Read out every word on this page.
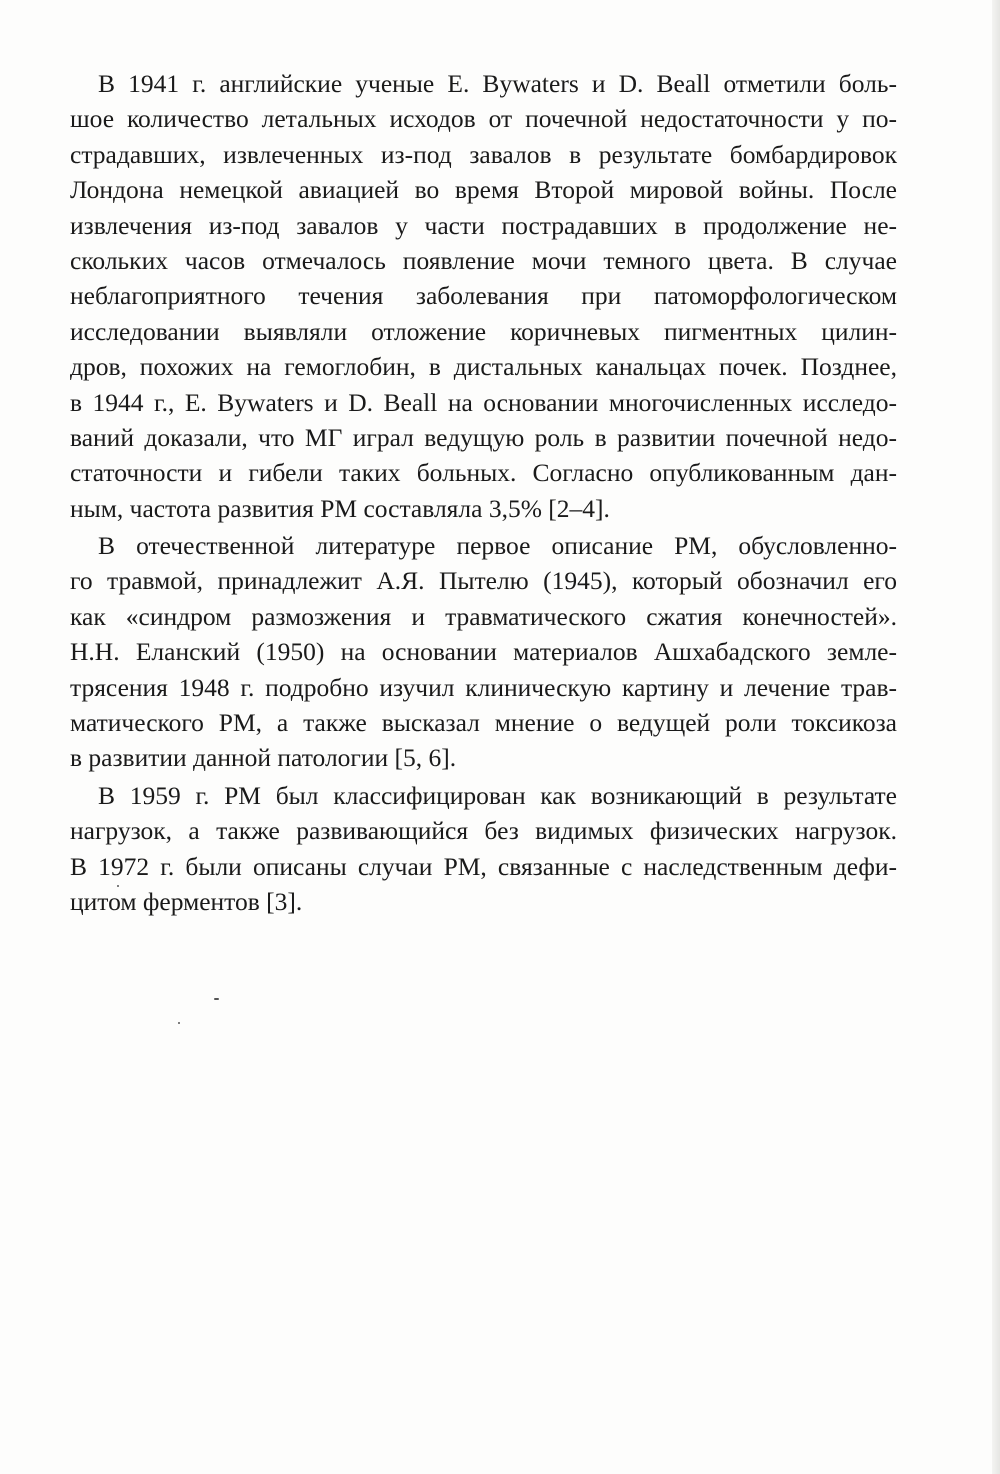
В 1941 г. английские ученые E. Bywaters и D. Beall отметили боль-
шое количество летальных исходов от почечной недостаточности у по-
страдавших, извлеченных из-под завалов в результате бомбардировок
Лондона немецкой авиацией во время Второй мировой войны. После
извлечения из-под завалов у части пострадавших в продолжение не-
скольких часов отмечалось появление мочи темного цвета. В случае
неблагоприятного течения заболевания при патоморфологическом
исследовании выявляли отложение коричневых пигментных цилин-
дров, похожих на гемоглобин, в дистальных канальцах почек. Позднее,
в 1944 г., E. Bywaters и D. Beall на основании многочисленных исследо-
ваний доказали, что МГ играл ведущую роль в развитии почечной недо-
статочности и гибели таких больных. Согласно опубликованным дан-
ным, частота развития РМ составляла 3,5% [2–4].
В отечественной литературе первое описание РМ, обусловленно-
го травмой, принадлежит А.Я. Пытелю (1945), который обозначил его
как «синдром размозжения и травматического сжатия конечностей».
Н.Н. Еланский (1950) на основании материалов Ашхабадского земле-
трясения 1948 г. подробно изучил клиническую картину и лечение трав-
матического РМ, а также высказал мнение о ведущей роли токсикоза
в развитии данной патологии [5, 6].
В 1959 г. РМ был классифицирован как возникающий в результате
нагрузок, а также развивающийся без видимых физических нагрузок.
В 1972 г. были описаны случаи РМ, связанные с наследственным дефи-
цитом ферментов [3].
